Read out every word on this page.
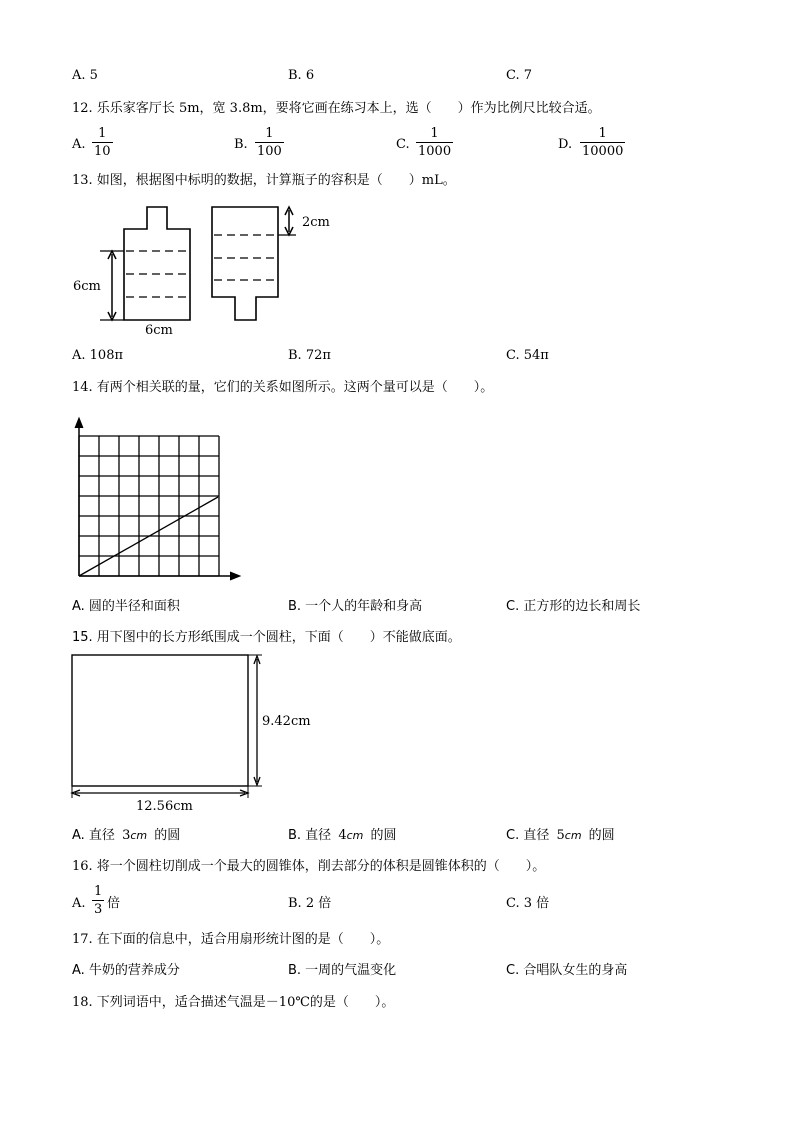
A. 5	B. 6	C. 7
12. 乐乐家客厅长 5m，宽 3.8m，要将它画在练习本上，选（　　）作为比例尺比较合适。
A. $\frac{1}{10}$	B. $\frac{1}{100}$	C. $\frac{1}{1000}$	D. $\frac{1}{10000}$
13. 如图，根据图中标明的数据，计算瓶子的容积是（　　）mL。
6cm
6cm
2cm
A. 108π	B. 72π	C. 54π
14. 有两个相关联的量，它们的关系如图所示。这两个量可以是（　　）。
A. 圆的半径和面积	B. 一个人的年龄和身高	C. 正方形的边长和周长
15. 用下图中的长方形纸围成一个圆柱，下面（　　）不能做底面。
9.42cm
12.56cm
A. 直径 3cm 的圆	B. 直径 4cm 的圆	C. 直径 5cm 的圆
16. 将一个圆柱切削成一个最大的圆锥体，削去部分的体积是圆锥体积的（　　）。
A. $\frac{1}{3}$ 倍	B. 2 倍	C. 3 倍
17. 在下面的信息中，适合用扇形统计图的是（　　）。
A. 牛奶的营养成分	B. 一周的气温变化	C. 合唱队女生的身高
18. 下列词语中，适合描述气温是－10℃的是（　　）。
